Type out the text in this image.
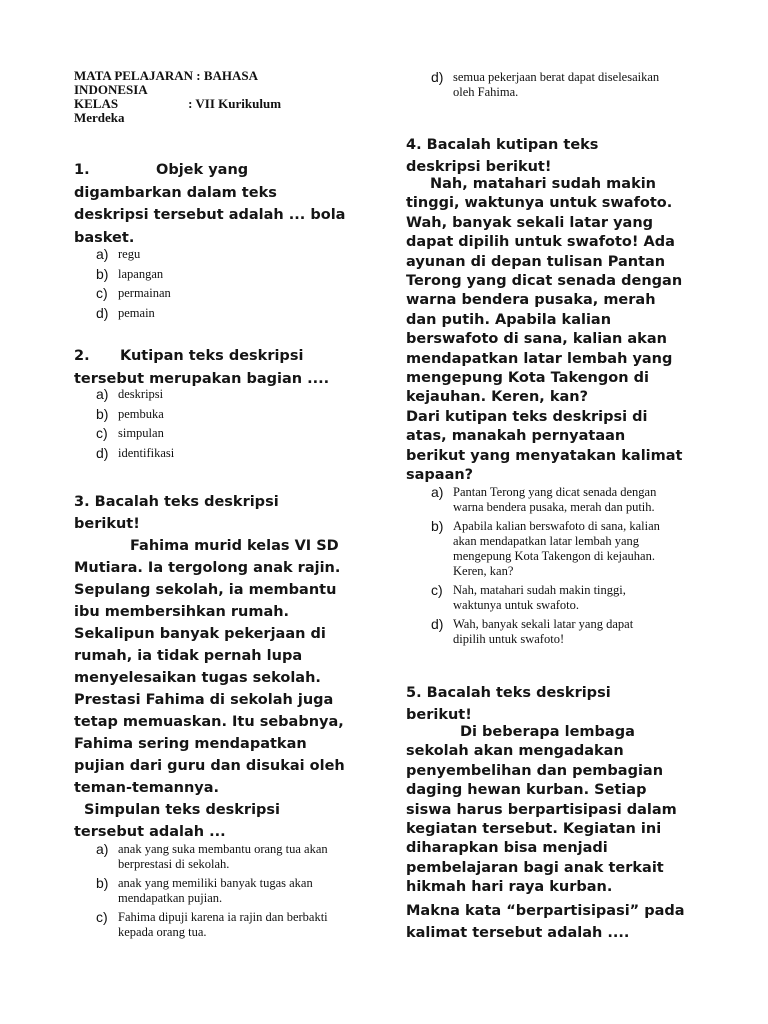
MATA PELAJARAN : BAHASA
INDONESIA
KELAS	: VII Kurikulum
Merdeka
1.	Objek yang
digambarkan dalam teks
deskripsi tersebut adalah ... bola
basket.
a) regu
b) lapangan
c) permainan
d) pemain
2. Kutipan teks deskripsi
tersebut merupakan bagian ....
a) deskripsi
b) pembuka
c) simpulan
d) identifikasi
3. Bacalah teks deskripsi
berikut!
Fahima murid kelas VI SD
Mutiara. Ia tergolong anak rajin.
Sepulang sekolah, ia membantu
ibu membersihkan rumah.
Sekalipun banyak pekerjaan di
rumah, ia tidak pernah lupa
menyelesaikan tugas sekolah.
Prestasi Fahima di sekolah juga
tetap memuaskan. Itu sebabnya,
Fahima sering mendapatkan
pujian dari guru dan disukai oleh
teman-temannya.
Simpulan teks deskripsi
tersebut adalah ...
a) anak yang suka membantu orang tua akan
berprestasi di sekolah.
b) anak yang memiliki banyak tugas akan
mendapatkan pujian.
c) Fahima dipuji karena ia rajin dan berbakti
kepada orang tua.
d) semua pekerjaan berat dapat diselesaikan
oleh Fahima.
4. Bacalah kutipan teks
deskripsi berikut!
Nah, matahari sudah makin
tinggi, waktunya untuk swafoto.
Wah, banyak sekali latar yang
dapat dipilih untuk swafoto! Ada
ayunan di depan tulisan Pantan
Terong yang dicat senada dengan
warna bendera pusaka, merah
dan putih. Apabila kalian
berswafoto di sana, kalian akan
mendapatkan latar lembah yang
mengepung Kota Takengon di
kejauhan. Keren, kan?
Dari kutipan teks deskripsi di
atas, manakah pernyataan
berikut yang menyatakan kalimat
sapaan?
a) Pantan Terong yang dicat senada dengan
warna bendera pusaka, merah dan putih.
b) Apabila kalian berswafoto di sana, kalian
akan mendapatkan latar lembah yang
mengepung Kota Takengon di kejauhan.
Keren, kan?
c) Nah, matahari sudah makin tinggi,
waktunya untuk swafoto.
d) Wah, banyak sekali latar yang dapat
dipilih untuk swafoto!
5. Bacalah teks deskripsi
berikut!
Di beberapa lembaga
sekolah akan mengadakan
penyembelihan dan pembagian
daging hewan kurban. Setiap
siswa harus berpartisipasi dalam
kegiatan tersebut. Kegiatan ini
diharapkan bisa menjadi
pembelajaran bagi anak terkait
hikmah hari raya kurban.
Makna kata “berpartisipasi” pada
kalimat tersebut adalah ....
